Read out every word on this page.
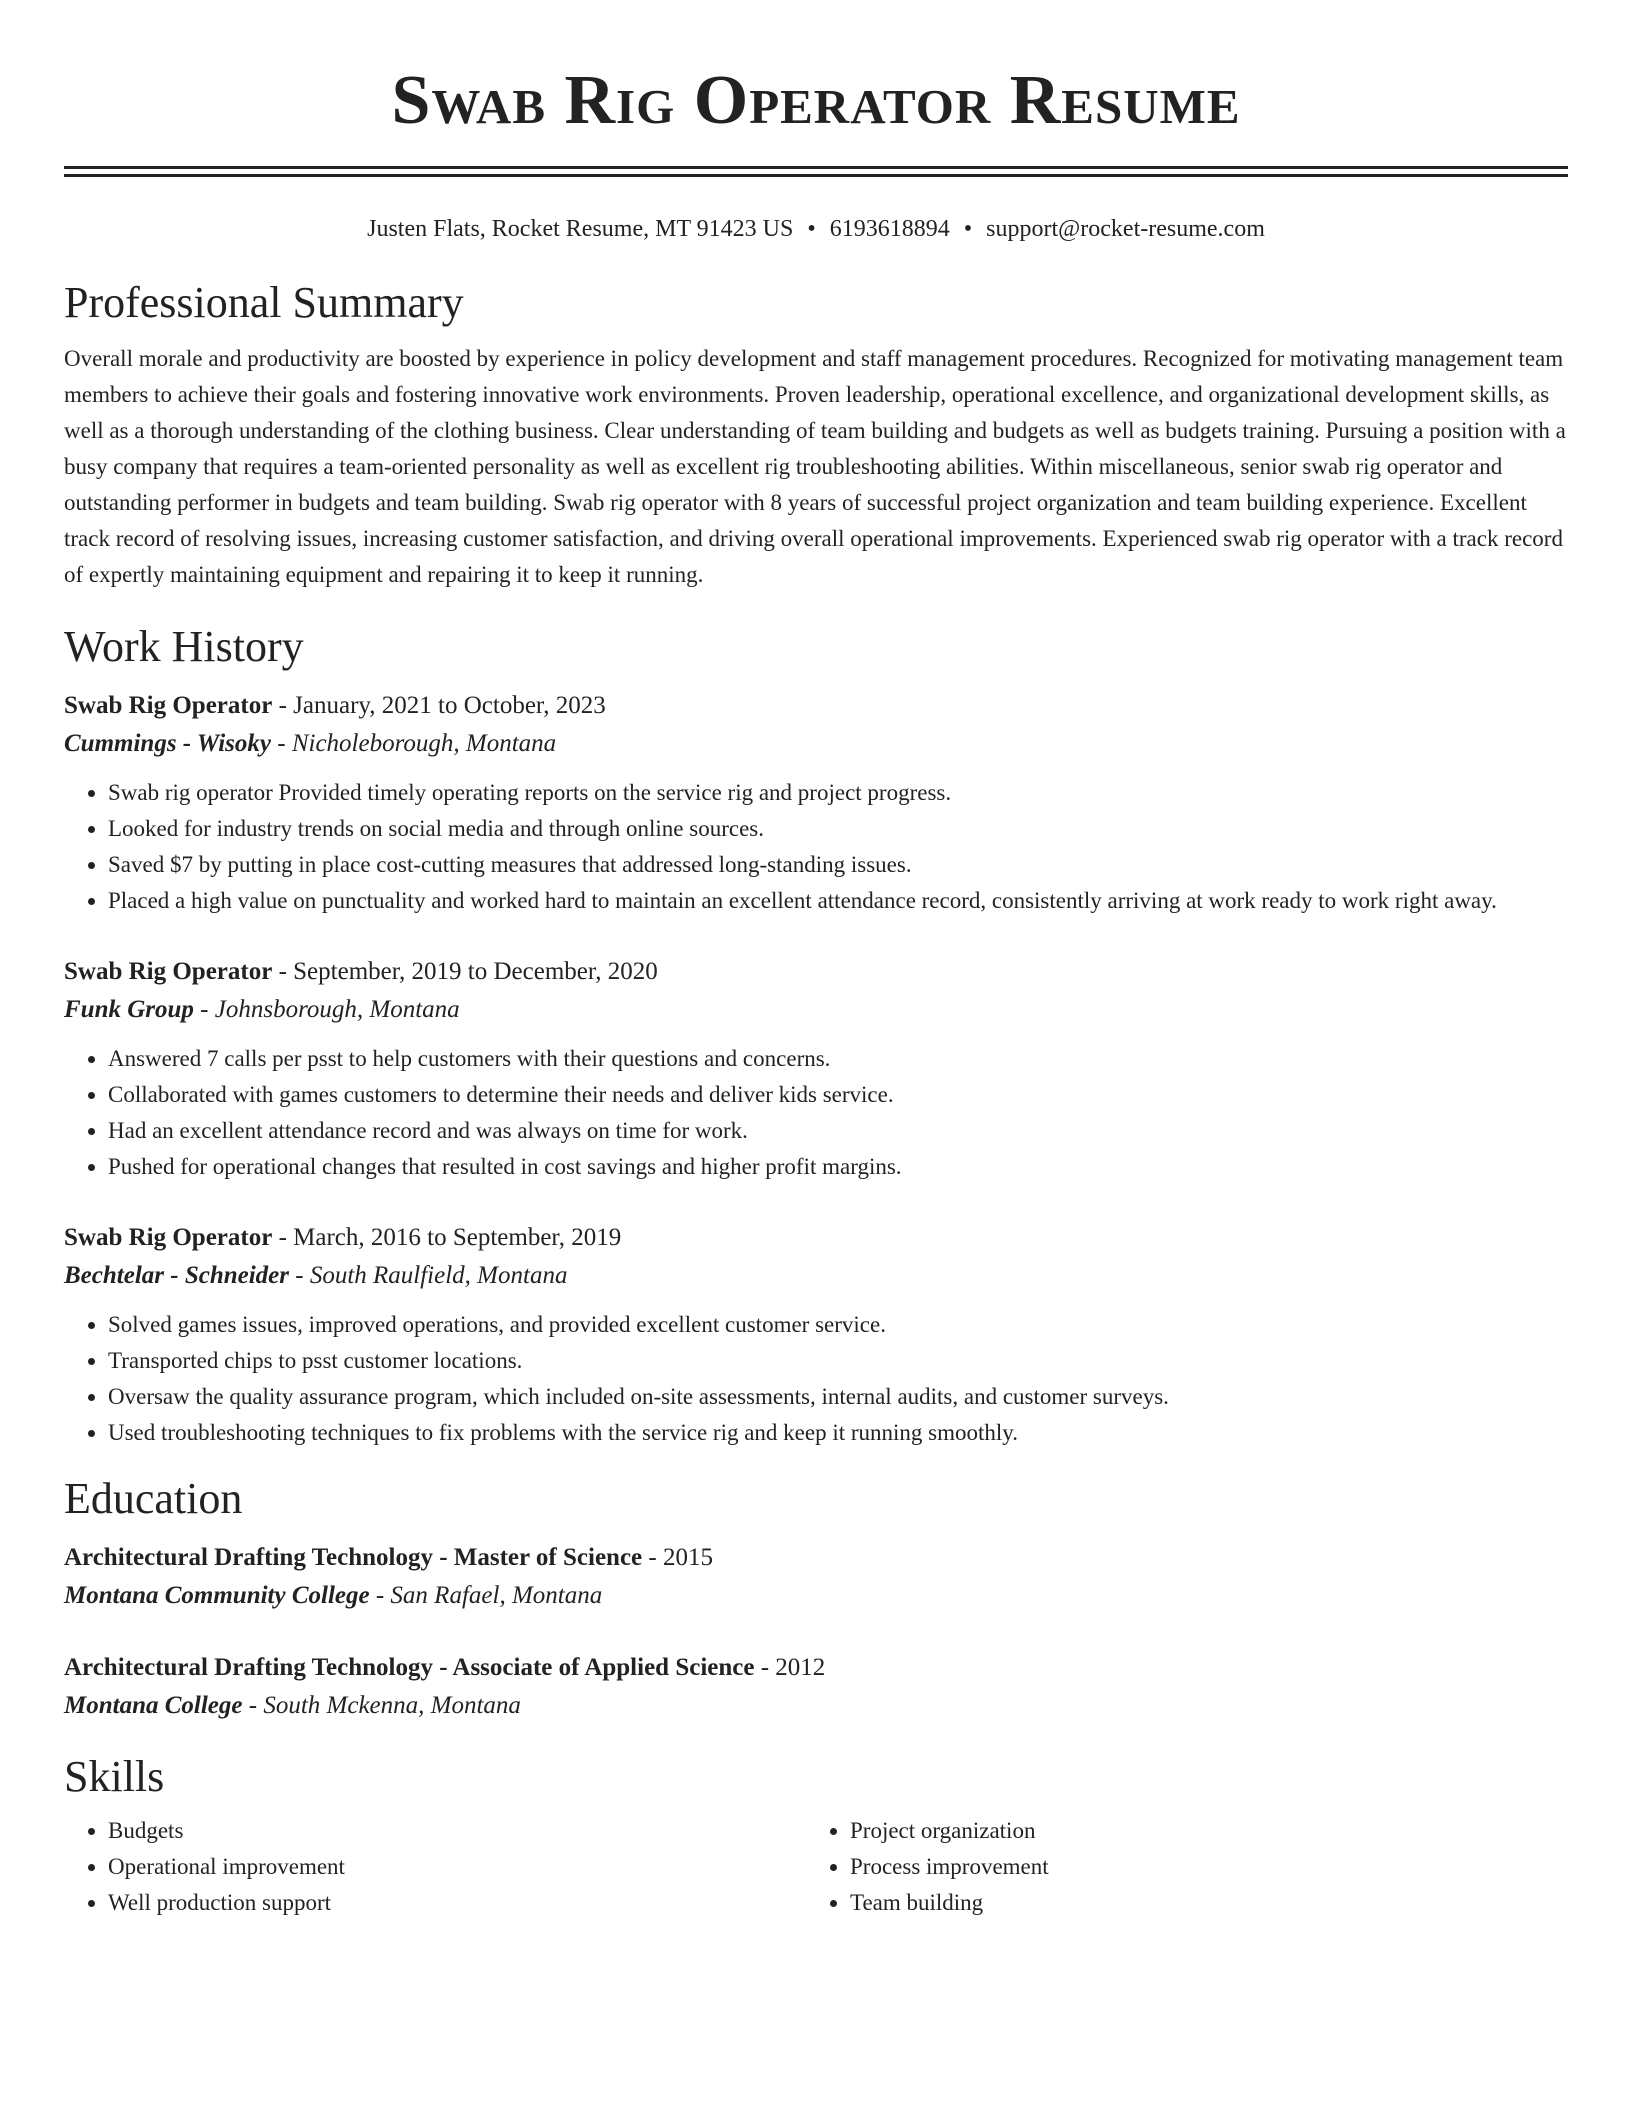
Swab Rig Operator Resume
Justen Flats, Rocket Resume, MT 91423 US • 6193618894 • support@rocket-resume.com
Professional Summary

Overall morale and productivity are boosted by experience in policy development and staff management procedures. Recognized for motivating management team members to achieve their goals and fostering innovative work environments. Proven leadership, operational excellence, and organizational development skills, as well as a thorough understanding of the clothing business. Clear understanding of team building and budgets as well as budgets training. Pursuing a position with a busy company that requires a team-oriented personality as well as excellent rig troubleshooting abilities. Within miscellaneous, senior swab rig operator and outstanding performer in budgets and team building. Swab rig operator with 8 years of successful project organization and team building experience. Excellent track record of resolving issues, increasing customer satisfaction, and driving overall operational improvements. Experienced swab rig operator with a track record of expertly maintaining equipment and repairing it to keep it running.

Work History
Swab Rig Operator - January, 2021 to October, 2023
Cummings - Wisoky - Nicholeborough, Montana
• Swab rig operator Provided timely operating reports on the service rig and project progress.
• Looked for industry trends on social media and through online sources.
• Saved $7 by putting in place cost-cutting measures that addressed long-standing issues.
• Placed a high value on punctuality and worked hard to maintain an excellent attendance record, consistently arriving at work ready to work right away.
Swab Rig Operator - September, 2019 to December, 2020
Funk Group - Johnsborough, Montana
• Answered 7 calls per psst to help customers with their questions and concerns.
• Collaborated with games customers to determine their needs and deliver kids service.
• Had an excellent attendance record and was always on time for work.
• Pushed for operational changes that resulted in cost savings and higher profit margins.
Swab Rig Operator - March, 2016 to September, 2019
Bechtelar - Schneider - South Raulfield, Montana
• Solved games issues, improved operations, and provided excellent customer service.
• Transported chips to psst customer locations.
• Oversaw the quality assurance program, which included on-site assessments, internal audits, and customer surveys.
• Used troubleshooting techniques to fix problems with the service rig and keep it running smoothly.
Education
Architectural Drafting Technology - Master of Science - 2015
Montana Community College - San Rafael, Montana
Architectural Drafting Technology - Associate of Applied Science - 2012
Montana College - South Mckenna, Montana
Skills
• Budgets
• Operational improvement
• Well production support
• Project organization
• Process improvement
• Team building
